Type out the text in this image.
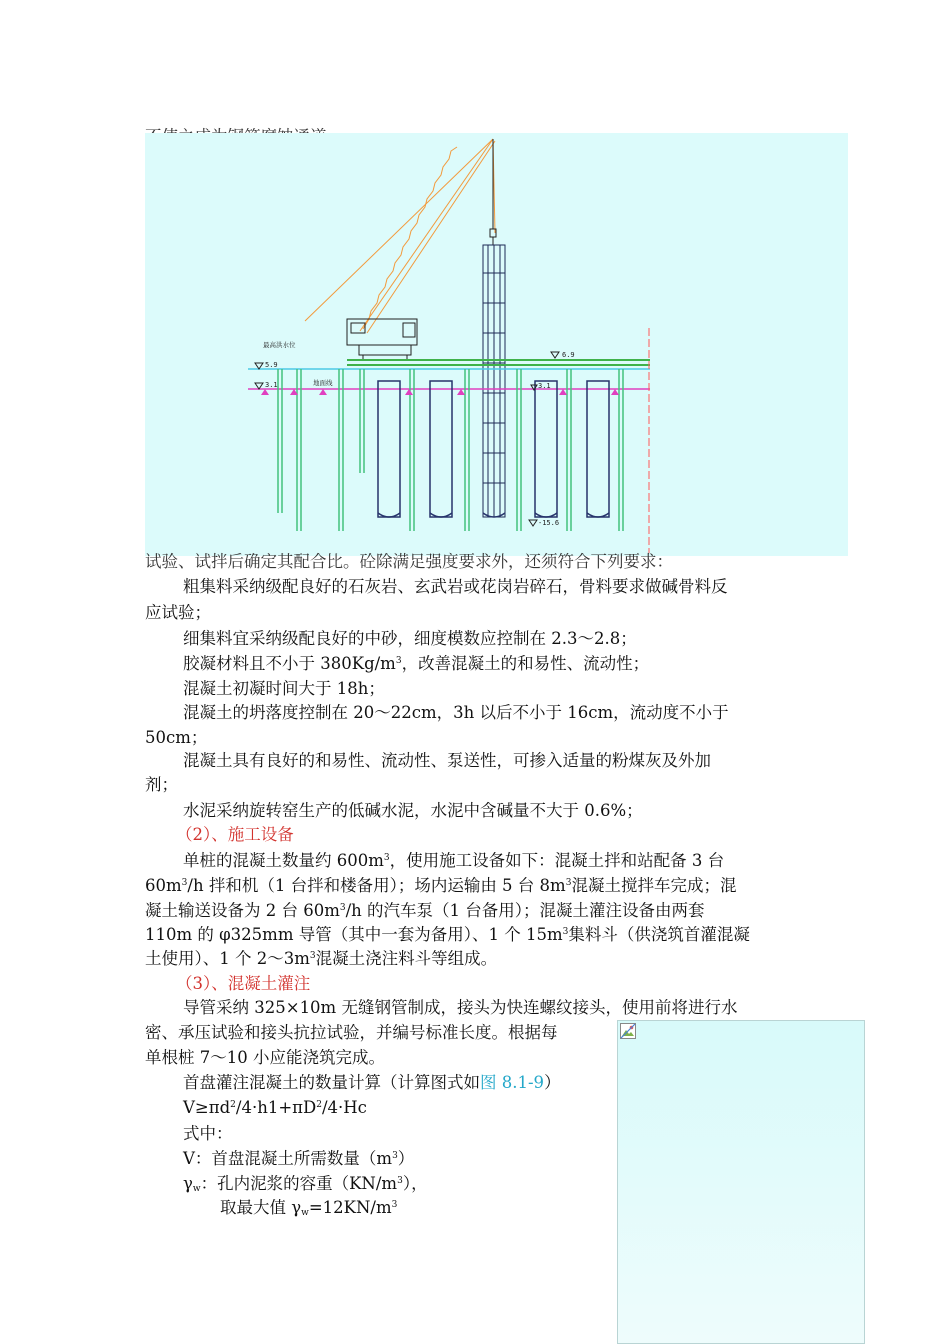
最高洪水位
5.9
6.9
地面线
3.1	3.1
-15.6
试验、试拌后确定其配合比。砼除满足强度要求外，还须符合下列要求：
粗集料采纳级配良好的石灰岩、玄武岩或花岗岩碎石，骨料要求做碱骨料反
应试验；
细集料宜采纳级配良好的中砂，细度模数应控制在 2.3～2.8；
胶凝材料且不小于 $380Kg/m^3$，改善混凝土的和易性、流动性；
混凝土初凝时间大于 18h；
混凝土的坍落度控制在 20～22cm，3h 以后不小于 16cm，流动度不小于
50cm；
混凝土具有良好的和易性、流动性、泵送性，可掺入适量的粉煤灰及外加
剂；
水泥采纳旋转窑生产的低碱水泥，水泥中含碱量不大于 0.6%；
（2）、施工设备
单桩的混凝土数量约 $600m^3$，使用施工设备如下：混凝土拌和站配备 3 台
$60m^3/h$ 拌和机（1 台拌和楼备用）；场内运输由 5 台 $8m^3$混凝土搅拌车完成；混
凝土输送设备为 2 台 $60m^3/h$ 的汽车泵（1 台备用）；混凝土灌注设备由两套
110m 的 φ325mm 导管（其中一套为备用）、1 个 $15m^3$集料斗（供浇筑首灌混凝
土使用）、1 个 $2\sim 3m^3$混凝土浇注料斗等组成。
（3）、混凝土灌注
导管采纳 325×10m 无缝钢管制成，接头为快连螺纹接头，使用前将进行水
密、承压试验和接头抗拉试验，并编号标准长度。根据每
单根桩 7～10 小应能浇筑完成。
首盘灌注混凝土的数量计算（计算图式如图 8.1-9）
$V\ge\pi d^2/4\cdot h1+\pi D^2/4\cdot Hc$
式中：
V：首盘混凝土所需数量$(m^3)$
$\gamma_w$：孔内泥浆的容重$(KN/m^3)$，
取最大值 $\gamma_w=12KN/m^3$
